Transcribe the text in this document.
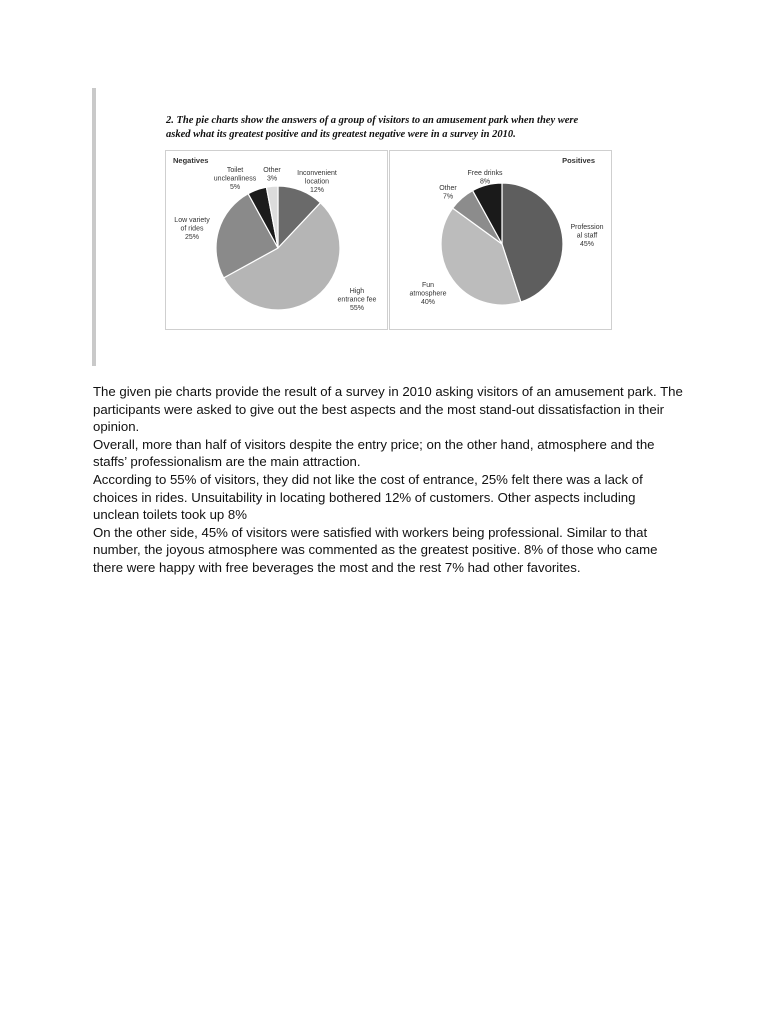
2. The pie charts show the answers of a group of visitors to an amusement park when they were
asked what its greatest positive and its greatest negative were in a survey in 2010.
Negatives	Positives
Inconvenient location 12%
High entrance fee 55%
Low variety of rides 25%
Toilet uncleanliness 5%
Other 3%
Profession al staff 45%
Fun atmosphere 40%
Other 7%
Free drinks 8%

The given pie charts provide the result of a survey in 2010 asking visitors of an amusement park. The participants were asked to give out the best aspects and the most stand-out dissatisfaction in their opinion.

Overall, more than half of visitors despite the entry price; on the other hand, atmosphere and the staffs’ professionalism are the main attraction.

According to 55% of visitors, they did not like the cost of entrance, 25% felt there was a lack of choices in rides. Unsuitability in locating bothered 12% of customers. Other aspects including unclean toilets took up 8%

On the other side, 45% of visitors were satisfied with workers being professional. Similar to that number, the joyous atmosphere was commented as the greatest positive. 8% of those who came there were happy with free beverages the most and the rest 7% had other favorites.
